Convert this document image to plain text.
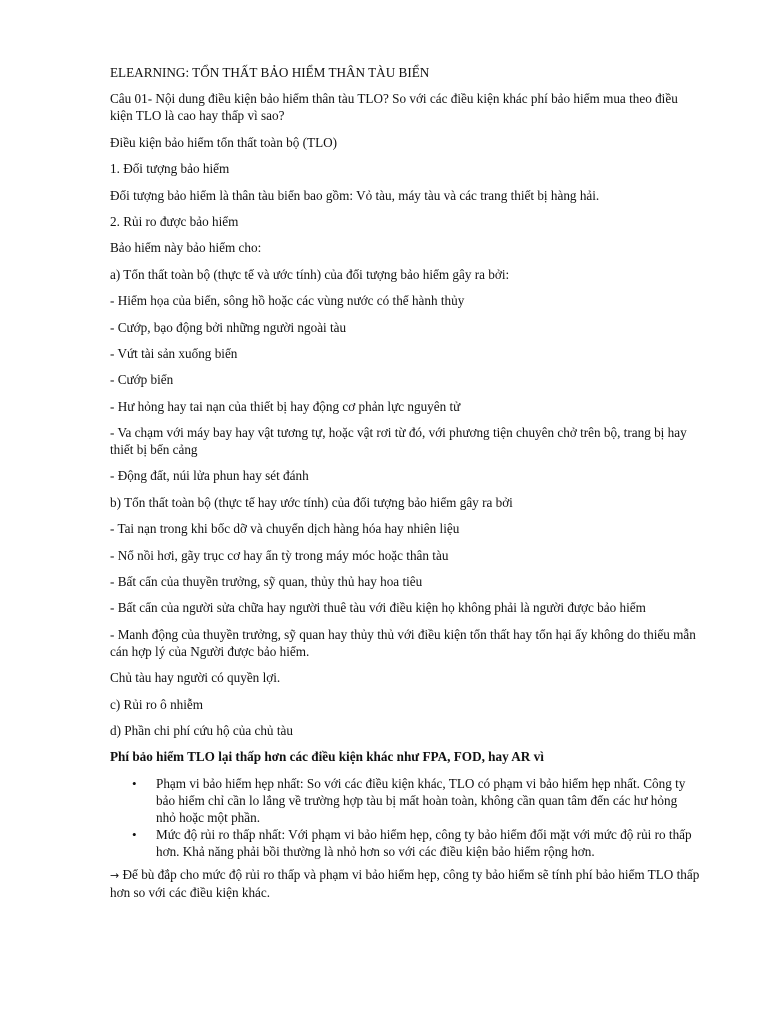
ELEARNING: TỔN THẤT BẢO HIỂM THÂN TÀU BIỂN

Câu 01- Nội dung điều kiện bảo hiểm thân tàu TLO? So với các điều kiện khác phí bảo hiểm mua theo điều kiện TLO là cao hay thấp vì sao?

Điều kiện bảo hiểm tổn thất toàn bộ (TLO)

1. Đối tượng bảo hiểm

Đối tượng bảo hiểm là thân tàu biển bao gồm: Vỏ tàu, máy tàu và các trang thiết bị hàng hải.

2. Rủi ro được bảo hiểm

Bảo hiểm này bảo hiểm cho:

a) Tổn thất toàn bộ (thực tế và ước tính) của đối tượng bảo hiểm gây ra bởi:

- Hiểm họa của biển, sông hồ hoặc các vùng nước có thể hành thủy

- Cướp, bạo động bởi những người ngoài tàu

- Vứt tài sản xuống biển

- Cướp biển

- Hư hỏng hay tai nạn của thiết bị hay động cơ phản lực nguyên tử

- Va chạm với máy bay hay vật tương tự, hoặc vật rơi từ đó, với phương tiện chuyên chở trên bộ, trang bị hay thiết bị bến cảng

- Động đất, núi lửa phun hay sét đánh

b) Tổn thất toàn bộ (thực tế hay ước tính) của đối tượng bảo hiểm gây ra bởi

- Tai nạn trong khi bốc dỡ và chuyển dịch hàng hóa hay nhiên liệu

- Nổ nồi hơi, gãy trục cơ hay ẩn tỳ trong máy móc hoặc thân tàu

- Bất cẩn của thuyền trưởng, sỹ quan, thủy thủ hay hoa tiêu

- Bất cẩn của người sửa chữa hay người thuê tàu với điều kiện họ không phải là người được bảo hiểm

- Manh động của thuyền trưởng, sỹ quan hay thủy thủ với điều kiện tổn thất hay tổn hại ấy không do thiếu mẫn cán hợp lý của Người được bảo hiểm.

Chủ tàu hay người có quyền lợi.

c) Rủi ro ô nhiễm

d) Phần chi phí cứu hộ của chủ tàu

Phí bảo hiểm TLO lại thấp hơn các điều kiện khác như FPA, FOD, hay AR vì

• Phạm vi bảo hiểm hẹp nhất: So với các điều kiện khác, TLO có phạm vi bảo hiểm hẹp nhất. Công ty bảo hiểm chỉ cần lo lắng về trường hợp tàu bị mất hoàn toàn, không cần quan tâm đến các hư hỏng nhỏ hoặc một phần.
• Mức độ rủi ro thấp nhất: Với phạm vi bảo hiểm hẹp, công ty bảo hiểm đối mặt với mức độ rủi ro thấp hơn. Khả năng phải bồi thường là nhỏ hơn so với các điều kiện bảo hiểm rộng hơn.

→ Để bù đắp cho mức độ rủi ro thấp và phạm vi bảo hiểm hẹp, công ty bảo hiểm sẽ tính phí bảo hiểm TLO thấp hơn so với các điều kiện khác.
